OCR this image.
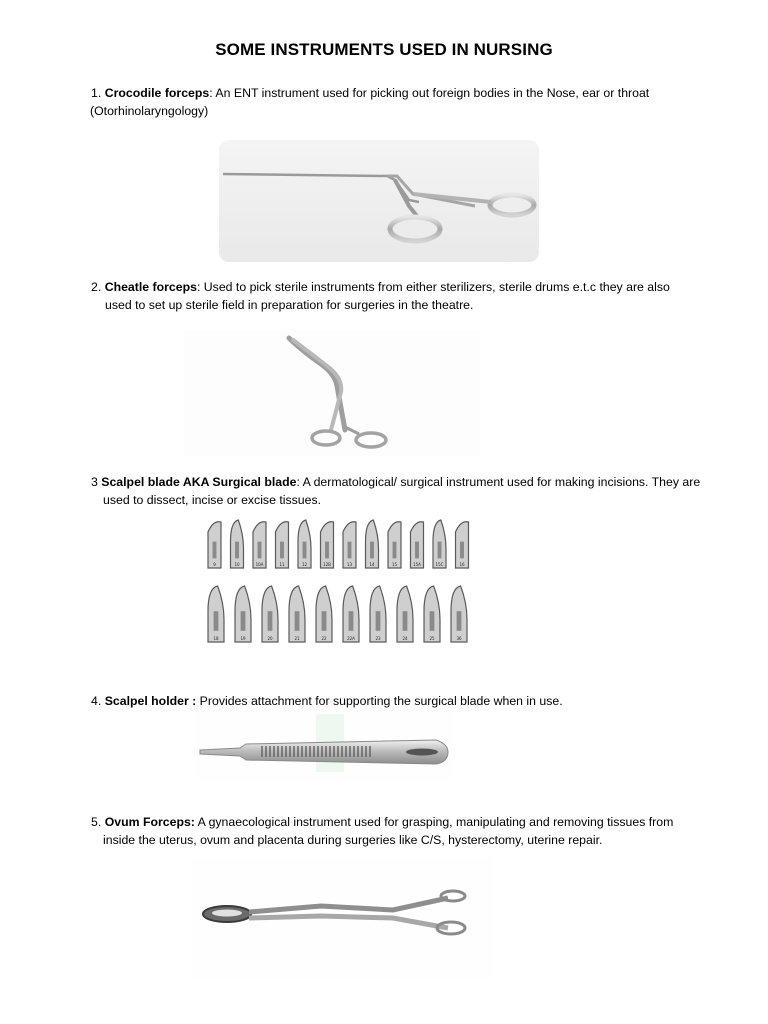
SOME INSTRUMENTS USED IN NURSING
1. Crocodile forceps: An ENT instrument used for picking out foreign bodies in the Nose, ear or throat
(Otorhinolaryngology)
2. Cheatle forceps: Used to pick sterile instruments from either sterilizers, sterile drums e.t.c they are also
used to set up sterile field in preparation for surgeries in the theatre.
3 Scalpel blade AKA Surgical blade: A dermatological/ surgical instrument used for making incisions. They are
used to dissect, incise or excise tissues.
9	10	10A	11	12	12B	13	14	15	15A	15C	16
18	19	20	21	22	22A	23	24	25	36
4. Scalpel holder : Provides attachment for supporting the surgical blade when in use.
5. Ovum Forceps: A gynaecological instrument used for grasping, manipulating and removing tissues from
inside the uterus, ovum and placenta during surgeries like C/S, hysterectomy, uterine repair.
